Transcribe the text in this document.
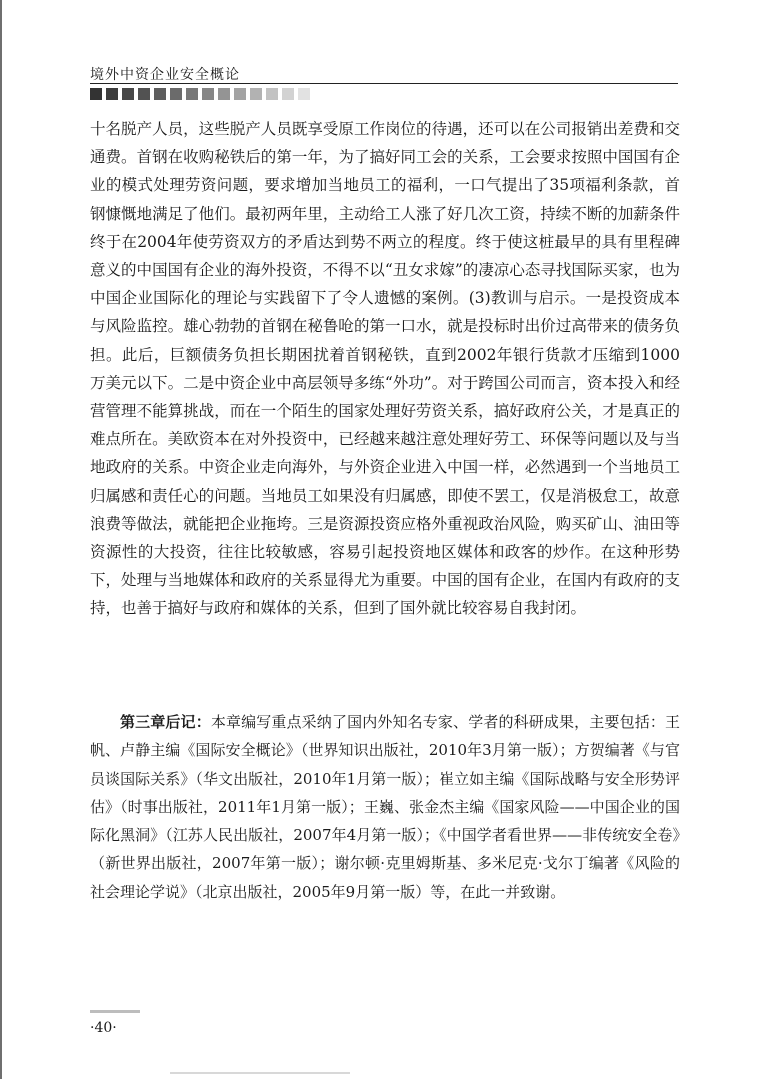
境外中资企业安全概论

十名脱产人员，这些脱产人员既享受原工作岗位的待遇，还可以在公司报销出差费和交通费。首钢在收购秘铁后的第一年，为了搞好同工会的关系，工会要求按照中国国有企业的模式处理劳资问题，要求增加当地员工的福利，一口气提出了35项福利条款，首钢慷慨地满足了他们。最初两年里，主动给工人涨了好几次工资，持续不断的加薪条件终于在2004年使劳资双方的矛盾达到势不两立的程度。终于使这桩最早的具有里程碑意义的中国国有企业的海外投资，不得不以“丑女求嫁”的凄凉心态寻找国际买家，也为中国企业国际化的理论与实践留下了令人遗憾的案例。(3)教训与启示。一是投资成本与风险监控。雄心勃勃的首钢在秘鲁呛的第一口水，就是投标时出价过高带来的债务负担。此后，巨额债务负担长期困扰着首钢秘铁，直到2002年银行货款才压缩到1000万美元以下。二是中资企业中高层领导多练“外功”。对于跨国公司而言，资本投入和经营管理不能算挑战，而在一个陌生的国家处理好劳资关系，搞好政府公关，才是真正的难点所在。美欧资本在对外投资中，已经越来越注意处理好劳工、环保等问题以及与当地政府的关系。中资企业走向海外，与外资企业进入中国一样，必然遇到一个当地员工归属感和责任心的问题。当地员工如果没有归属感，即使不罢工，仅是消极怠工，故意浪费等做法，就能把企业拖垮。三是资源投资应格外重视政治风险，购买矿山、油田等资源性的大投资，往往比较敏感，容易引起投资地区媒体和政客的炒作。在这种形势下，处理与当地媒体和政府的关系显得尤为重要。中国的国有企业，在国内有政府的支持，也善于搞好与政府和媒体的关系，但到了国外就比较容易自我封闭。

第三章后记：本章编写重点采纳了国内外知名专家、学者的科研成果，主要包括：王帆、卢静主编《国际安全概论》（世界知识出版社，2010年3月第一版）；方贺编著《与官员谈国际关系》（华文出版社，2010年1月第一版）；崔立如主编《国际战略与安全形势评估》（时事出版社，2011年1月第一版）；王巍、张金杰主编《国家风险——中国企业的国际化黑洞》（江苏人民出版社，2007年4月第一版）；《中国学者看世界——非传统安全卷》（新世界出版社，2007年第一版）；谢尔顿·克里姆斯基、多米尼克·戈尔丁编著《风险的社会理论学说》（北京出版社，2005年9月第一版）等，在此一并致谢。

·40·
